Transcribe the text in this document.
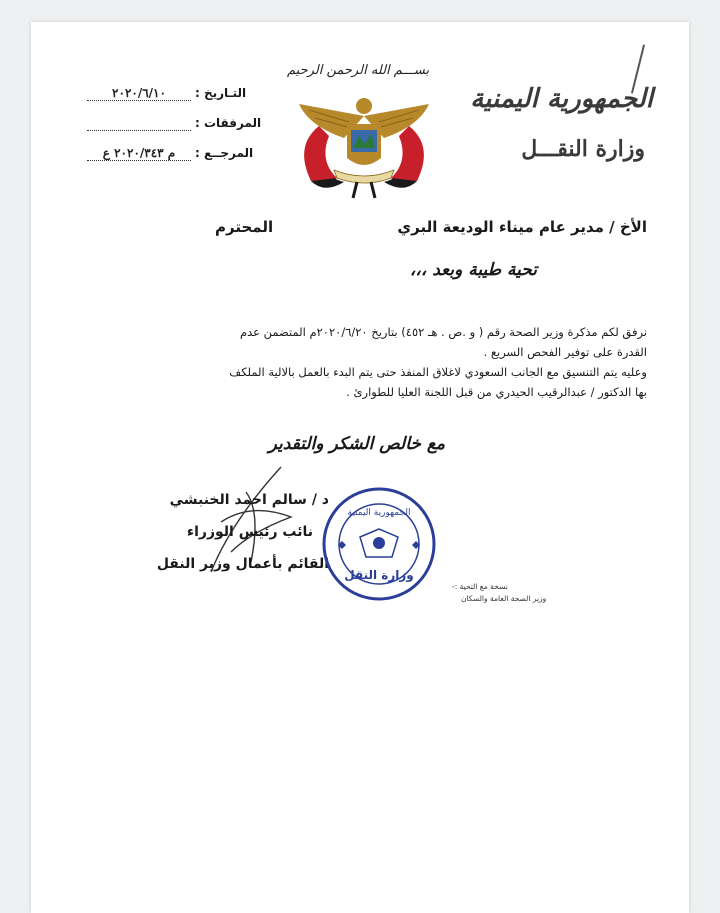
الجمهورية اليمنية
وزارة النقـــل
بســـم الله الرحمن الرحيم
التـاريخ :٢٠٢٠/٦/١٠
المرفقات :
المرجــع :م ٢٠٢٠/٣٤٣ ع
الأخ / مدير عام ميناء الوديعة البري
المحترم
تحية طيبة وبعد ،،،

نرفق لكم مذكرة وزير الصحة رقم ( و .ص . هـ ٤٥٢) بتاريخ ٢٠٢٠/٦/٢٠م المتضمن عدم

القدرة على توفير الفحص السريع .

وعليه يتم التنسيق مع الجانب السعودي لاغلاق المنفذ حتى يتم البدء بالعمل بالالية الملكف

بها الدكتور / عبدالرقيب الحيدري من قبل اللجنة العليا للطوارئ .

مع خالص الشكر والتقدير
د / سالم احمد الخنبشي
نائب رئيس الوزراء
القائم بأعمال وزير النقل
الجمهورية اليمنية
وزارة النقل
نسخة مع التحية :-
وزير الصحة العامة والسكان
